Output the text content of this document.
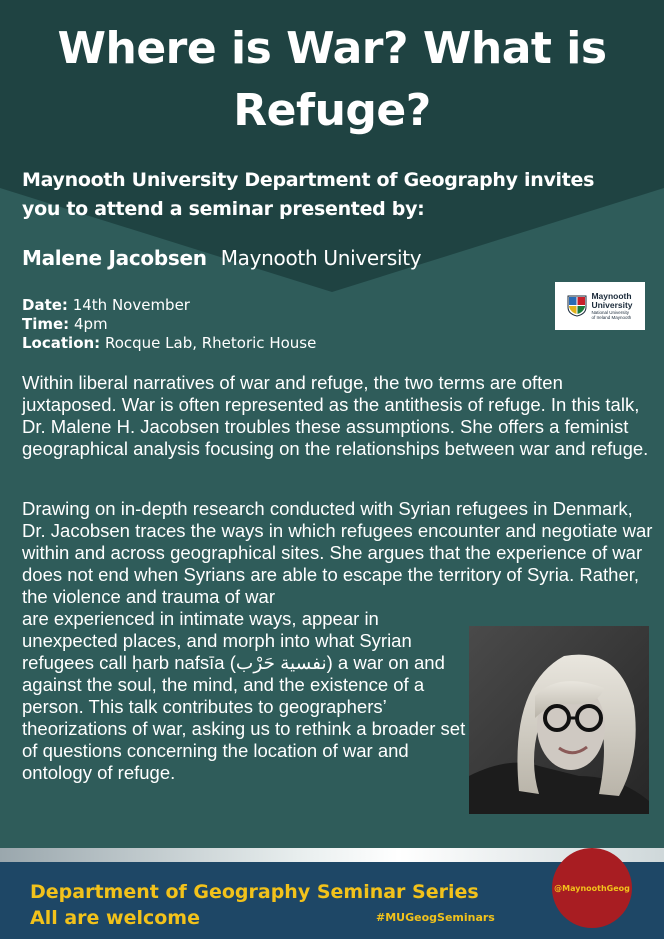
Where is War? What is
Refuge?
Maynooth University Department of Geography invites
you to attend a seminar presented by:
Malene Jacobsen Maynooth University
Date: 14th November
Time: 4pm
Location: Rocque Lab, Rhetoric House
Maynooth
University
National University
of Ireland Maynooth

Within liberal narratives of war and refuge, the two terms are often juxtaposed. War is often represented as the antithesis of refuge. In this talk, Dr. Malene H. Jacobsen troubles these assumptions. She offers a feminist geographical analysis focusing on the relationships between war and refuge.

Drawing on in-depth research conducted with Syrian refugees in Denmark, Dr. Jacobsen traces the ways in which refugees encounter and negotiate war within and across geographical sites. She argues that the experience of war does not end when Syrians are able to escape the territory of Syria. Rather, the violence and trauma of war

are experienced in intimate ways, appear in unexpected places, and morph into what Syrian refugees call ḥarb nafsīa (نفسية حَرْب) a war on and against the soul, the mind, and the existence of a person. This talk contributes to geographers’ theorizations of war, asking us to rethink a broader set of questions concerning the location of war and ontology of refuge.

Department of Geography Seminar Series
All are welcome	#MUGeogSeminars
@MaynoothGeog
